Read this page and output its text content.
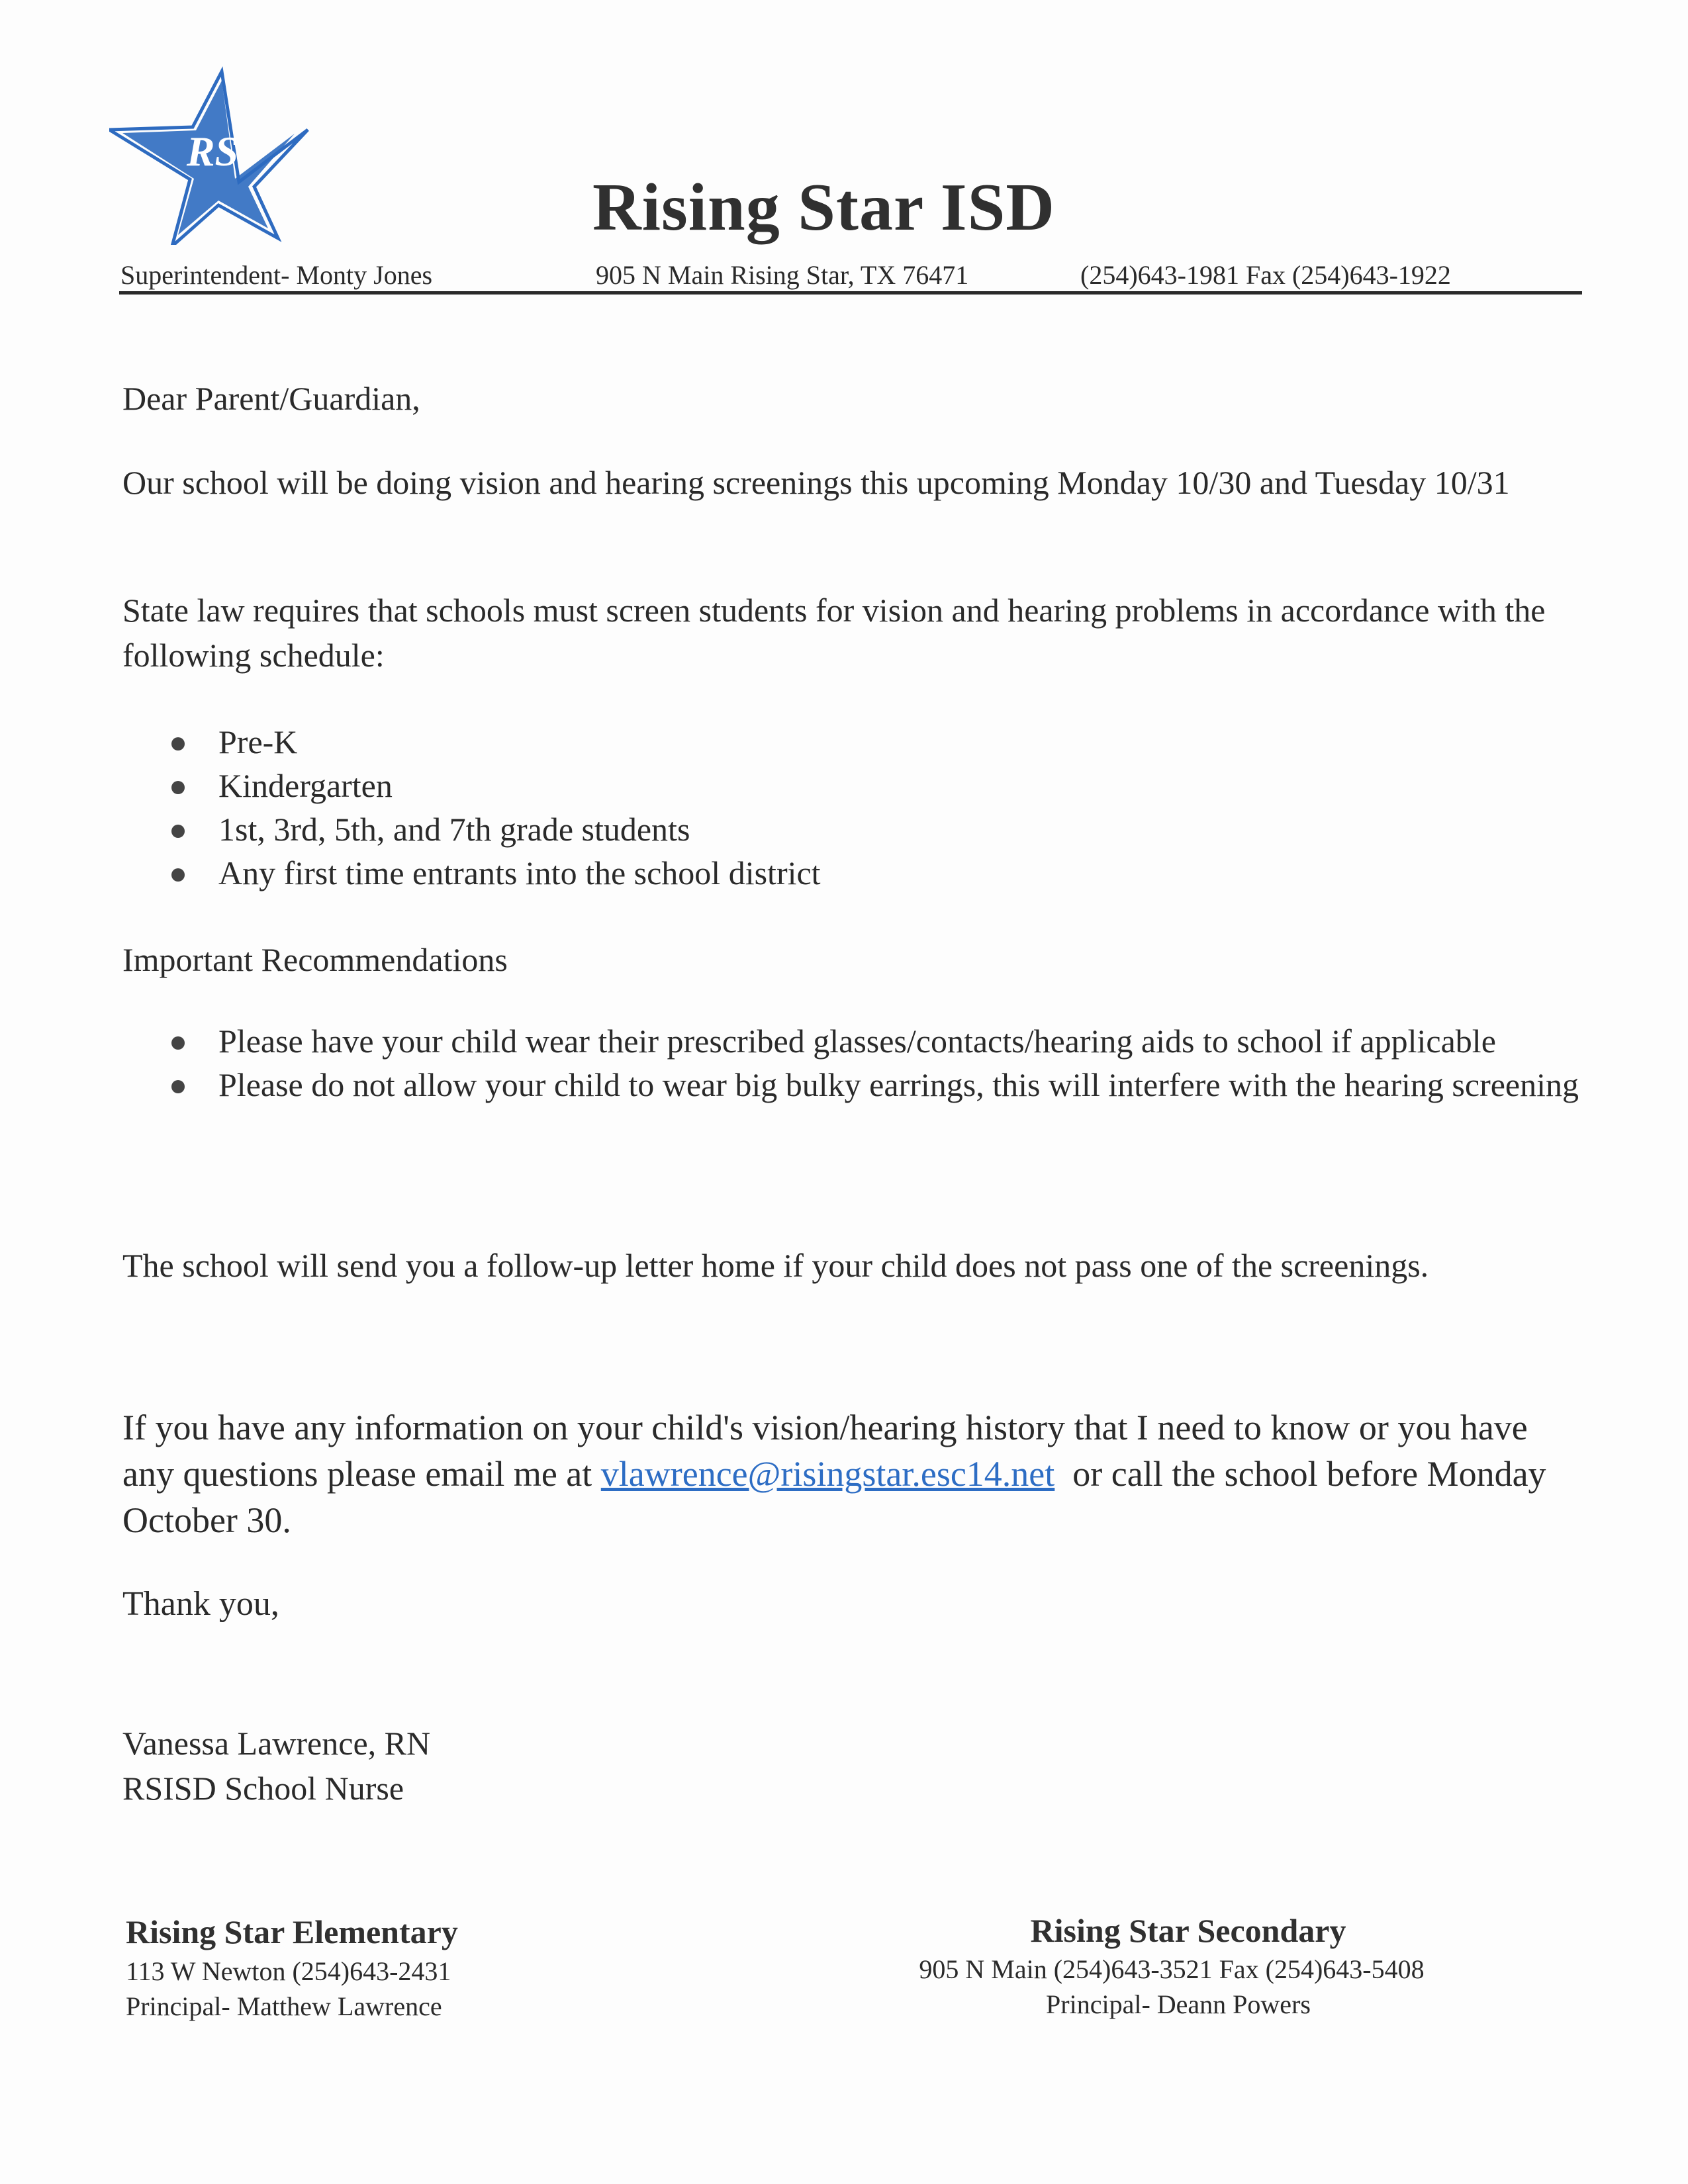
RS
Rising Star ISD
Superintendent- Monty Jones	905 N Main Rising Star, TX 76471	(254)643-1981 Fax (254)643-1922
Dear Parent/Guardian,
Our school will be doing vision and hearing screenings this upcoming Monday 10/30 and Tuesday 10/31
State law requires that schools must screen students for vision and hearing problems in accordance with the following schedule:
Pre-K
Kindergarten
1st, 3rd, 5th, and 7th grade students
Any first time entrants into the school district
Important Recommendations
Please have your child wear their prescribed glasses/contacts/hearing aids to school if applicable
Please do not allow your child to wear big bulky earrings, this will interfere with the hearing screening
The school will send you a follow-up letter home if your child does not pass one of the screenings.
If you have any information on your child's vision/hearing history that I need to know or you have any questions please email me at vlawrence@risingstar.esc14.net or call the school before Monday October 30.
Thank you,
Vanessa Lawrence, RN
RSISD School Nurse
Rising Star Elementary
113 W Newton (254)643-2431
Principal- Matthew Lawrence
Rising Star Secondary
905 N Main (254)643-3521 Fax (254)643-5408
Principal- Deann Powers
